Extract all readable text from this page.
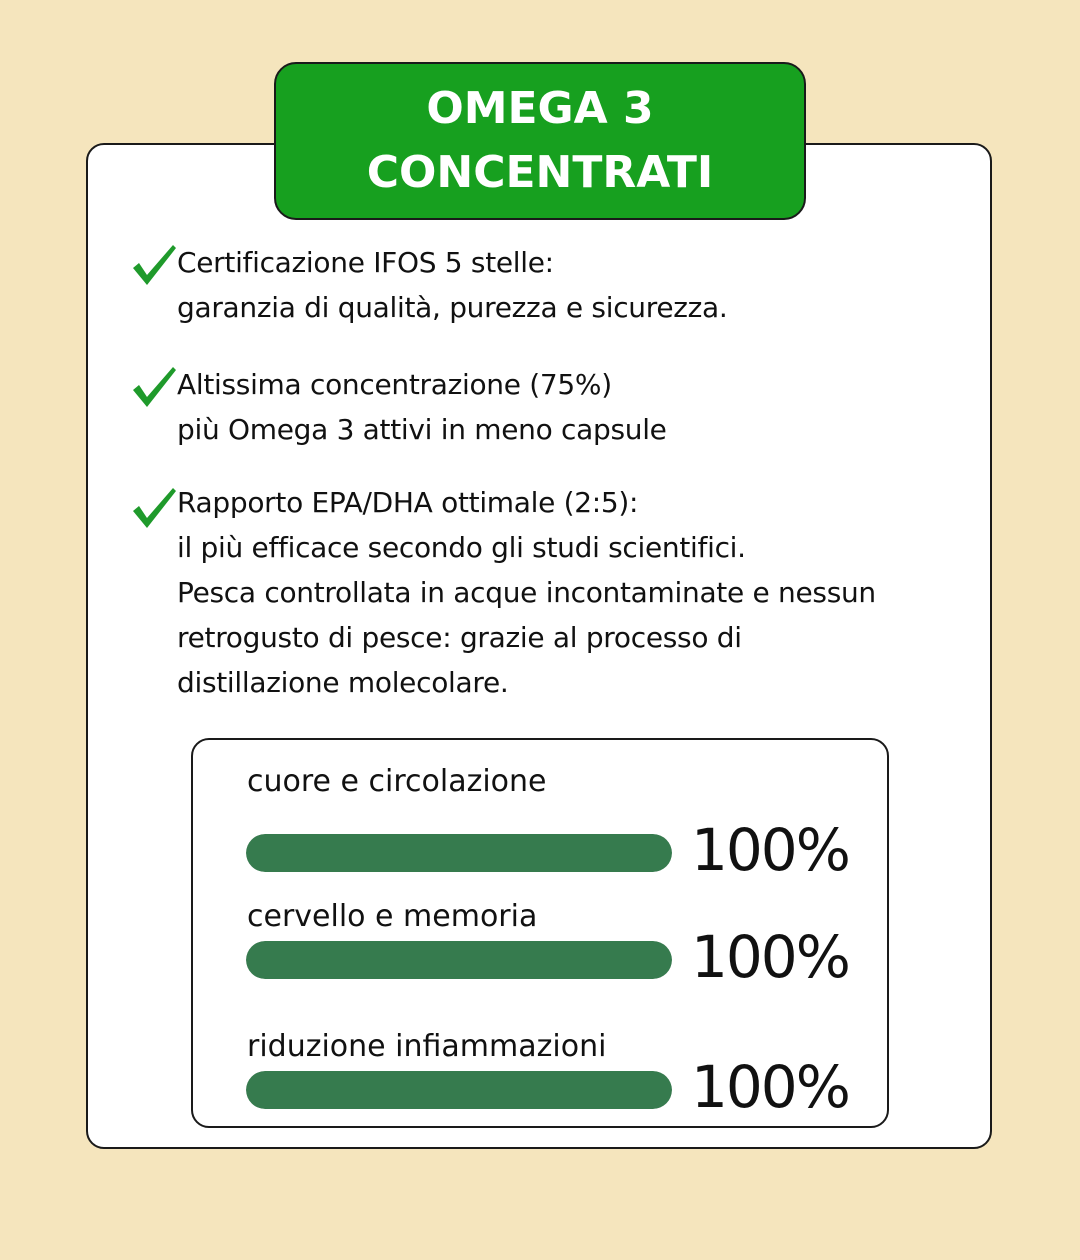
OMEGA 3
CONCENTRATI
Certificazione IFOS 5 stelle:
garanzia di qualità, purezza e sicurezza.
Altissima concentrazione (75%)
più Omega 3 attivi in meno capsule
Rapporto EPA/DHA ottimale (2:5):
il più efficace secondo gli studi scientifici.
Pesca controllata in acque incontaminate e nessun
retrogusto di pesce: grazie al processo di
distillazione molecolare.
cuore e circolazione
100%
cervello e memoria
100%
riduzione infiammazioni
100%
